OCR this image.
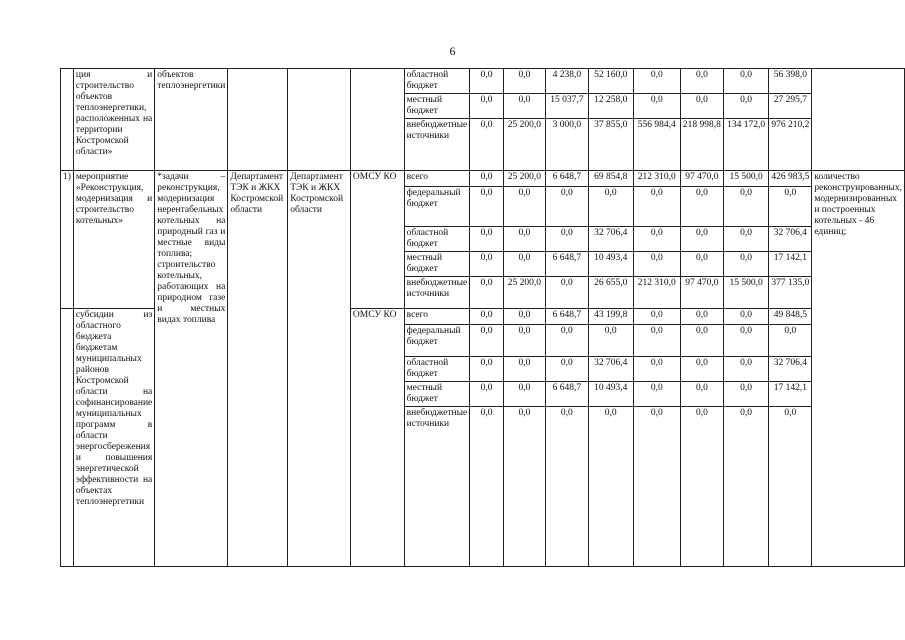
6
	ция и строительство объектов теплоэнергетики, расположенных на территории Костромской области»	объектов теплоэнергетики				областной бюджет	0,0	0,0	4 238,0	52 160,0	0,0	0,0	0,0	56 398,0	
						местный бюджет	0,0	0,0	15 037,7	12 258,0	0,0	0,0	0,0	27 295,7	
						внебюджетные источники	0,0	25 200,0	3 000,0	37 855,0	556 984,4	218 998,8	134 172,0	976 210,2	
1)	мероприятие «Реконструкция, модернизация и строительство котельных»	*задачи – реконструкция, модернизация нерентабельных котельных на природный газ и местные виды топлива; строительство котельных, работающих на природном газе и местных видах топлива	Департамент ТЭК и ЖКХ Костромской области	Департамент ТЭК и ЖКХ Костромской области	ОМСУ КО	всего	0,0	25 200,0	6 648,7	69 854,8	212 310,0	97 470,0	15 500,0	426 983,5	количество реконструированных, модернизированных и построенных котельных - 46 единиц;
						федеральный бюджет	0,0	0,0	0,0	0,0	0,0	0,0	0,0	0,0	
						областной бюджет	0,0	0,0	0,0	32 706,4	0,0	0,0	0,0	32 706,4	
						местный бюджет	0,0	0,0	6 648,7	10 493,4	0,0	0,0	0,0	17 142,1	
						внебюджетные источники	0,0	25 200,0	0,0	26 655,0	212 310,0	97 470,0	15 500,0	377 135,0	
	субсидии из областного бюджета бюджетам муниципальных районов Костромской области на софинансирование муниципальных программ в области энергосбережения и повышения энергетической эффективности на объектах теплоэнергетики				ОМСУ КО	всего	0,0	0,0	6 648,7	43 199,8	0,0	0,0	0,0	49 848,5	
						федеральный бюджет	0,0	0,0	0,0	0,0	0,0	0,0	0,0	0,0	
						областной бюджет	0,0	0,0	0,0	32 706,4	0,0	0,0	0,0	32 706,4	
						местный бюджет	0,0	0,0	6 648,7	10 493,4	0,0	0,0	0,0	17 142,1	
						внебюджетные источники	0,0	0,0	0,0	0,0	0,0	0,0	0,0	0,0	
